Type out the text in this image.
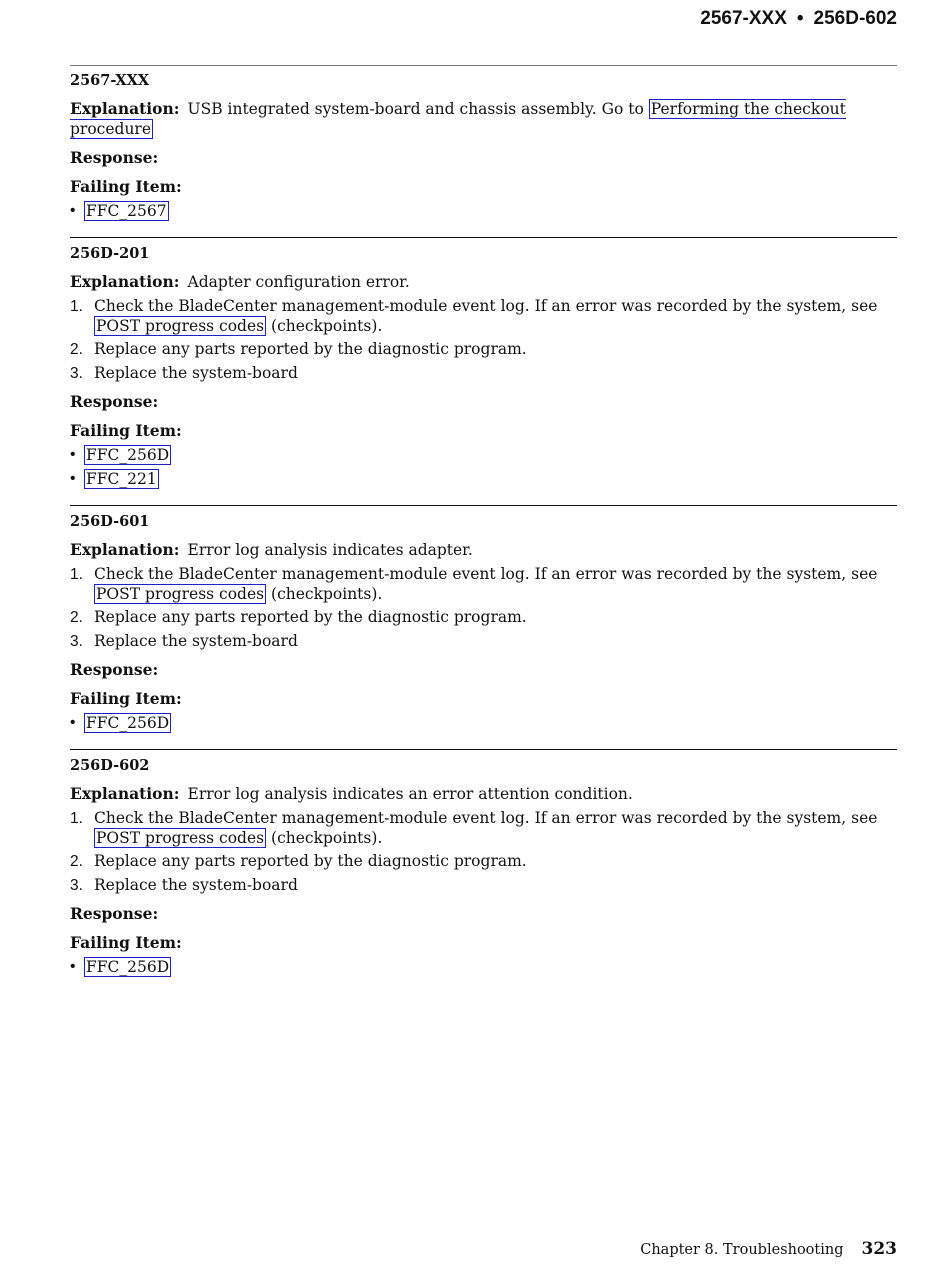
2567-XXX • 256D-602
2567-XXX

Explanation: USB integrated system-board and chassis assembly. Go to Performing the checkout procedure

Response:

Failing Item:

• FFC_2567
256D-201

Explanation: Adapter configuration error.

1. Check the BladeCenter management-module event log. If an error was recorded by the system, see POST progress codes (checkpoints).
2. Replace any parts reported by the diagnostic program.
3. Replace the system-board

Response:

Failing Item:

• FFC_256D
• FFC_221
256D-601

Explanation: Error log analysis indicates adapter.

1. Check the BladeCenter management-module event log. If an error was recorded by the system, see POST progress codes (checkpoints).
2. Replace any parts reported by the diagnostic program.
3. Replace the system-board

Response:

Failing Item:

• FFC_256D
256D-602

Explanation: Error log analysis indicates an error attention condition.

1. Check the BladeCenter management-module event log. If an error was recorded by the system, see POST progress codes (checkpoints).
2. Replace any parts reported by the diagnostic program.
3. Replace the system-board

Response:

Failing Item:

• FFC_256D
Chapter 8. Troubleshooting 323
